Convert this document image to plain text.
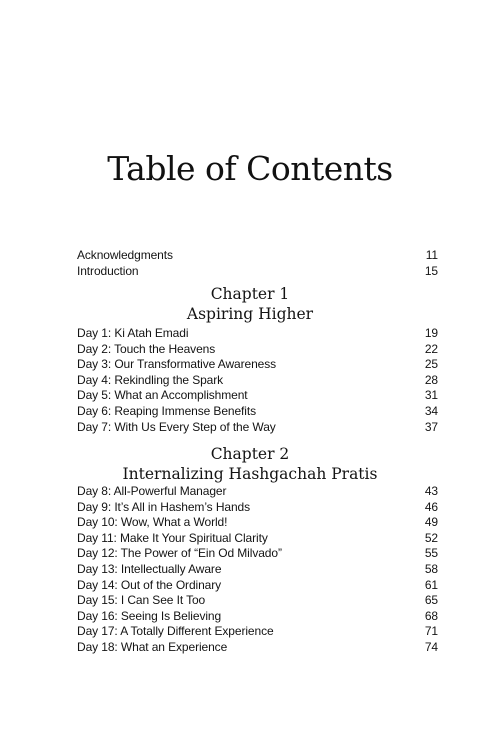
Table of Contents
Acknowledgments	11
Introduction	15
Chapter 1
Aspiring Higher
Day 1: Ki Atah Emadi	19
Day 2: Touch the Heavens	22
Day 3: Our Transformative Awareness	25
Day 4: Rekindling the Spark	28
Day 5: What an Accomplishment	31
Day 6: Reaping Immense Benefits	34
Day 7: With Us Every Step of the Way	37
Chapter 2
Internalizing Hashgachah Pratis
Day 8: All-Powerful Manager	43
Day 9: It’s All in Hashem’s Hands	46
Day 10: Wow, What a World!	49
Day 11: Make It Your Spiritual Clarity	52
Day 12: The Power of “Ein Od Milvado”	55
Day 13: Intellectually Aware	58
Day 14: Out of the Ordinary	61
Day 15: I Can See It Too	65
Day 16: Seeing Is Believing	68
Day 17: A Totally Different Experience	71
Day 18: What an Experience	74
